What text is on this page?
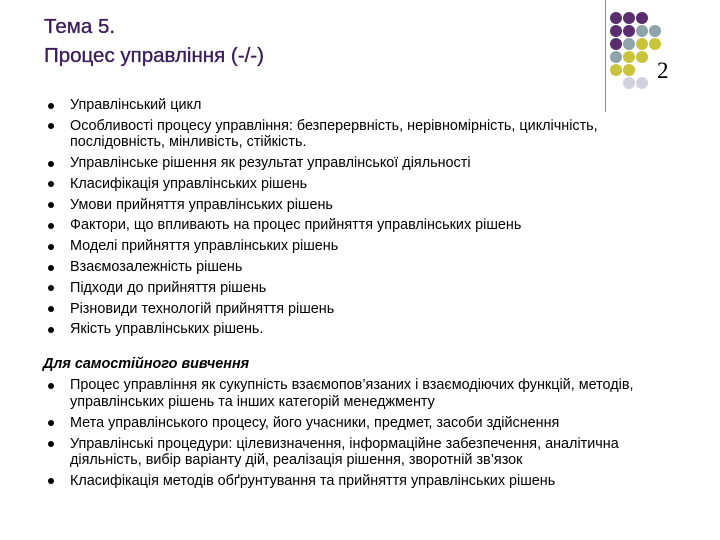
Тема 5.
Процес управління (-/-)
2
Управлінський цикл
Особливості процесу управління: безперервність, нерівномірність, циклічність, послідовність, мінливість, стійкість.
Управлінське рішення як результат управлінської діяльності
Класифікація управлінських рішень
Умови прийняття управлінських рішень
Фактори, що впливають на процес прийняття управлінських рішень
Моделі прийняття управлінських рішень
Взаємозалежність рішень
Підходи до прийняття рішень
Різновиди технологій прийняття рішень
Якість управлінських рішень.
Для самостійного вивчення
Процес управління як сукупність взаємопов’язаних і взаємодіючих функцій, методів, управлінських рішень та інших категорій менеджменту
Мета управлінського процесу, його учасники, предмет, засоби здійснення
Управлінські процедури: цілевизначення, інформаційне забезпечення, аналітична діяльність, вибір варіанту дій, реалізація рішення, зворотній зв’язок
Класифікація методів обґрунтування та прийняття управлінських рішень
